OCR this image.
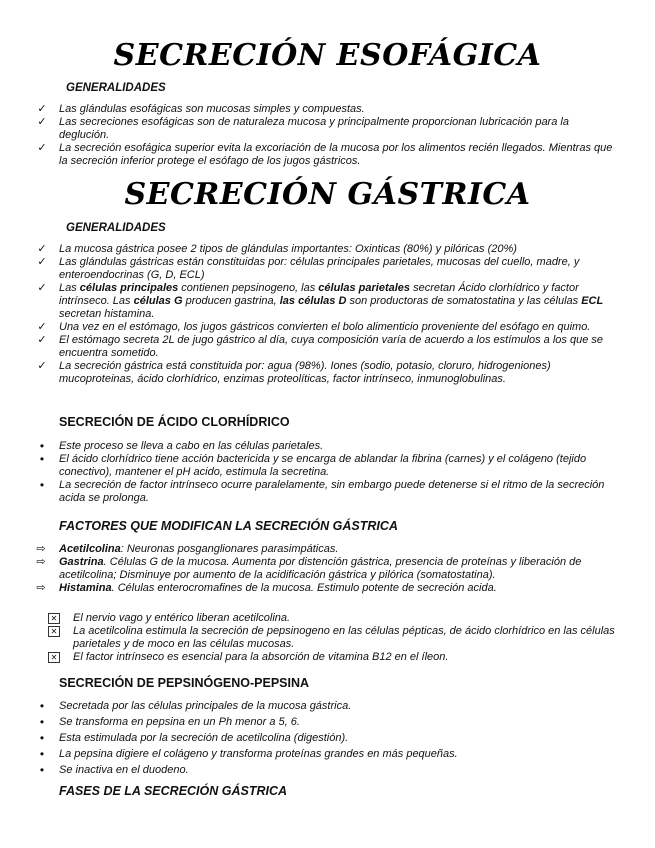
SECRECIÓN ESOFÁGICA
GENERALIDADES
✓ Las glándulas esofágicas son mucosas simples y compuestas.
✓ Las secreciones esofágicas son de naturaleza mucosa y principalmente proporcionan lubricación para la deglución.
✓ La secreción esofágica superior evita la excoriación de la mucosa por los alimentos recién llegados. Mientras que la secreción inferior protege el esófago de los jugos gástricos.
SECRECIÓN GÁSTRICA
GENERALIDADES
✓ La mucosa gástrica posee 2 tipos de glándulas importantes: Oxinticas (80%) y pilóricas (20%)
✓ Las glándulas gástricas están constituidas por: células principales parietales, mucosas del cuello, madre, y enteroendocrinas (G, D, ECL)
✓ Las células principales contienen pepsinogeno, las células parietales secretan Ácido clorhídrico y factor intrínseco. Las células G producen gastrina, las células D son productoras de somatostatina y las células ECL secretan histamina.
✓ Una vez en el estómago, los jugos gástricos convierten el bolo alimenticio proveniente del esófago en quimo.
✓ El estómago secreta 2L de jugo gástrico al día, cuya composición varía de acuerdo a los estímulos a los que se encuentra sometido.
✓ La secreción gástrica está constituida por: agua (98%). Iones (sodio, potasio, cloruro, hidrogeniones) mucoproteinas, ácido clorhídrico, enzimas proteolíticas, factor intrínseco, inmunoglobulinas.
SECRECIÓN DE ÁCIDO CLORHÍDRICO
•	Este proceso se lleva a cabo en las células parietales.
•	El ácido clorhídrico tiene acción bactericida y se encarga de ablandar la fibrina (carnes) y el colágeno (tejido conectivo), mantener el pH acido, estimula la secretina.
•	La secreción de factor intrínseco ocurre paralelamente, sin embargo puede detenerse si el ritmo de la secreción acida se prolonga.
FACTORES QUE MODIFICAN LA SECRECIÓN GÁSTRICA
⇨ Acetilcolina: Neuronas posganglionares parasimpáticas.
⇨ Gastrina. Células G de la mucosa. Aumenta por distención gástrica, presencia de proteínas y liberación de acetilcolina; Disminuye por aumento de la acidificación gástrica y pilórica (somatostatina).
⇨ Histamina. Células enterocromafines de la mucosa. Estimulo potente de secreción acida.
✕ El nervio vago y entérico liberan acetilcolina.
✕ La acetilcolina estimula la secreción de pepsinogeno en las células pépticas, de ácido clorhídrico en las células parietales y de moco en las células mucosas.
✕ El factor intrínseco es esencial para la absorción de vitamina B12 en el íleon.
SECRECIÓN DE PEPSINÓGENO-PEPSINA
•	Secretada por las células principales de la mucosa gástrica.
•	Se transforma en pepsina en un Ph menor a 5, 6.
•	Esta estimulada por la secreción de acetilcolina (digestión).
•	La pepsina digiere el colágeno y transforma proteínas grandes en más pequeñas.
•	Se inactiva en el duodeno.
FASES DE LA SECRECIÓN GÁSTRICA
